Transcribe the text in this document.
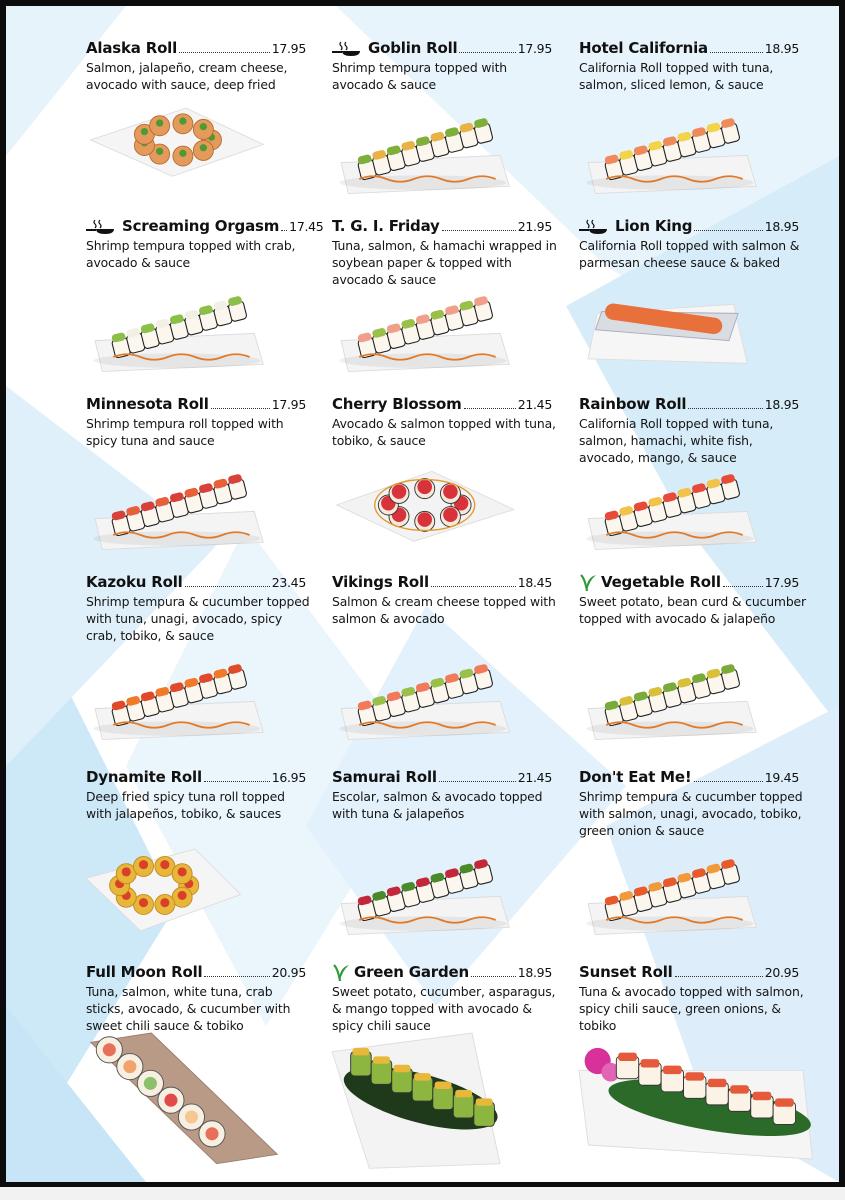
Alaska Roll	17.95
Salmon, jalapeño, cream cheese, avocado with sauce, deep fried
Goblin Roll	17.95
Shrimp tempura topped with avocado & sauce
Hotel California	18.95
California Roll topped with tuna, salmon, sliced lemon, & sauce
Screaming Orgasm 17.45
Shrimp tempura topped with crab, avocado & sauce
T. G. I. Friday	21.95
Tuna, salmon, & hamachi wrapped in soybean paper & topped with avocado & sauce
Lion King	18.95
California Roll topped with salmon & parmesan cheese sauce & baked
Minnesota Roll	17.95
Shrimp tempura roll topped with spicy tuna and sauce
Cherry Blossom	21.45
Avocado & salmon topped with tuna, tobiko, & sauce
Rainbow Roll	18.95
California Roll topped with tuna, salmon, hamachi, white fish, avocado, mango, & sauce
Kazoku Roll	23.45
Shrimp tempura & cucumber topped with tuna, unagi, avocado, spicy crab, tobiko, & sauce
Vikings Roll	18.45
Salmon & cream cheese topped with salmon & avocado
Vegetable Roll	17.95
Sweet potato, bean curd & cucumber topped with avocado & jalapeño
Dynamite Roll	16.95
Deep fried spicy tuna roll topped with jalapeños, tobiko, & sauces
Samurai Roll	21.45
Escolar, salmon & avocado topped with tuna & jalapeños
Don't Eat Me!	19.45
Shrimp tempura & cucumber topped with salmon, unagi, avocado, tobiko, green onion & sauce
Full Moon Roll	20.95
Tuna, salmon, white tuna, crab sticks, avocado, & cucumber with sweet chili sauce & tobiko
Green Garden	18.95
Sweet potato, cucumber, asparagus, & mango topped with avocado & spicy chili sauce
Sunset Roll	20.95
Tuna & avocado topped with salmon, spicy chili sauce, green onions, & tobiko
